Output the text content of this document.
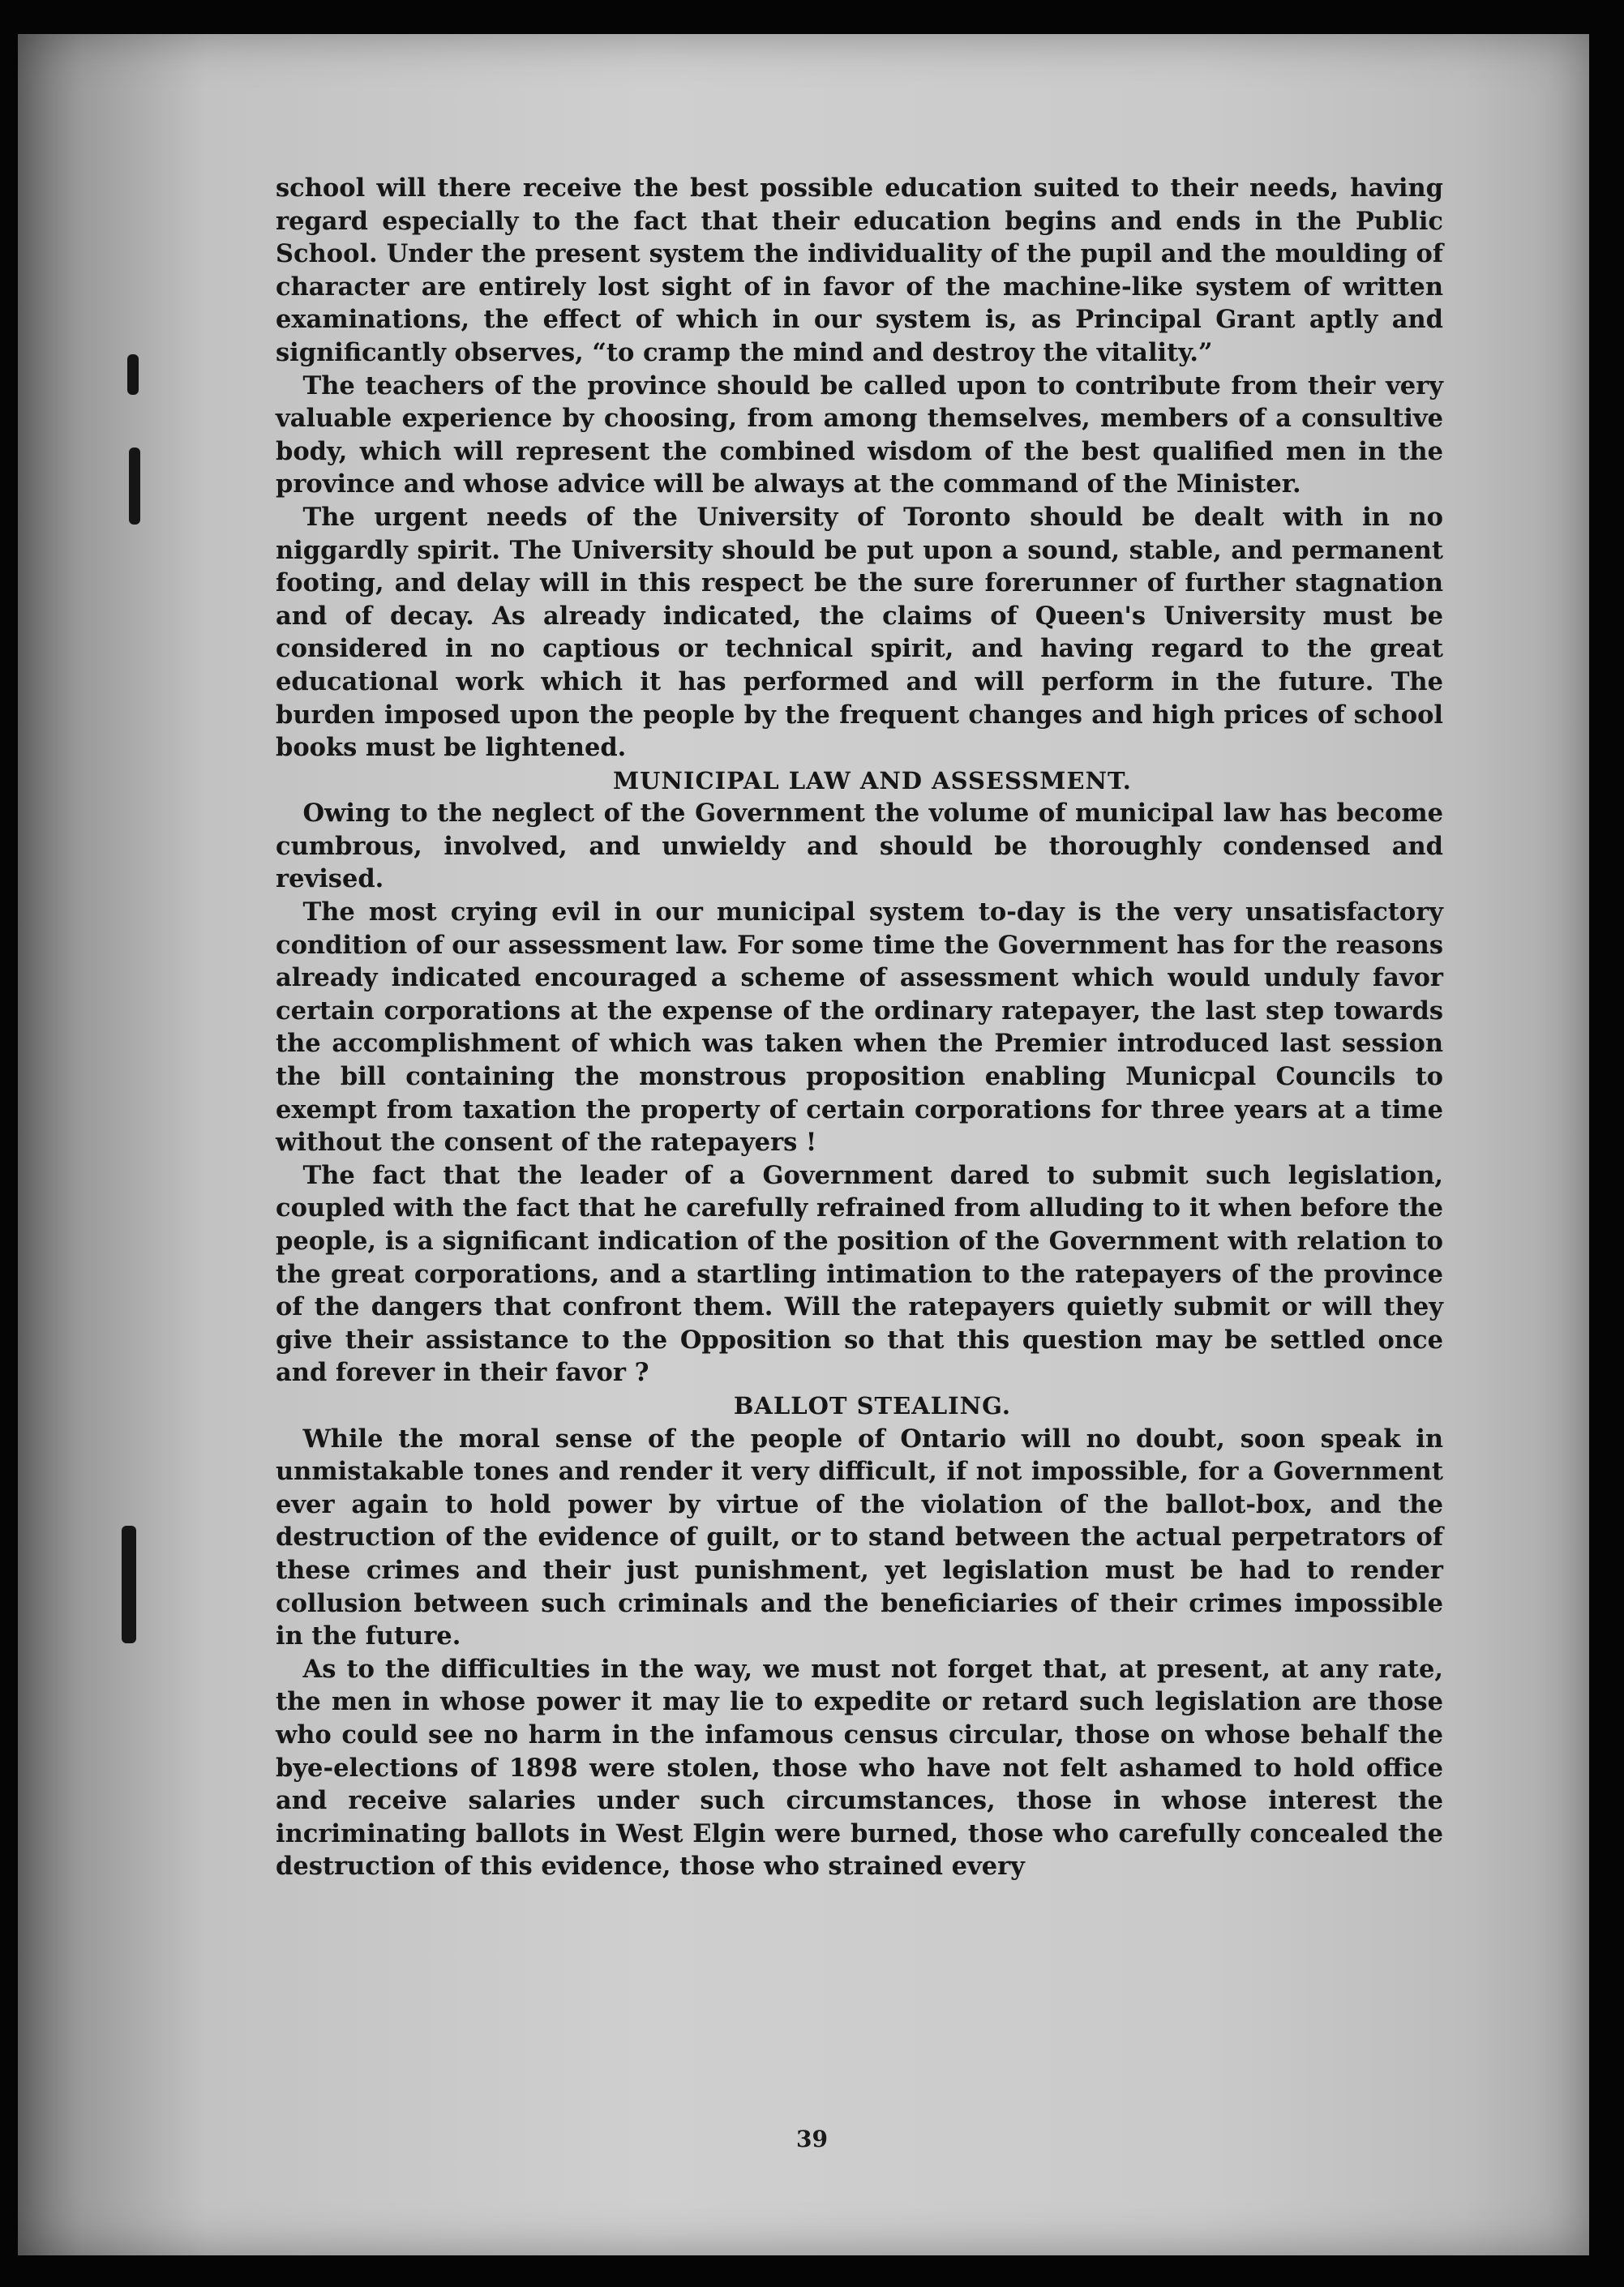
school will there receive the best possible education suited to their needs, having regard especially to the fact that their education begins and ends in the Public School. Under the present system the individuality of the pupil and the moulding of character are entirely lost sight of in favor of the machine-like system of written examinations, the effect of which in our system is, as Principal Grant aptly and significantly observes, “to cramp the mind and destroy the vitality.”

The teachers of the province should be called upon to contribute from their very valuable experience by choosing, from among themselves, members of a consultive body, which will represent the combined wisdom of the best qualified men in the province and whose advice will be always at the command of the Minister.

The urgent needs of the University of Toronto should be dealt with in no niggardly spirit. The University should be put upon a sound, stable, and permanent footing, and delay will in this respect be the sure forerunner of further stagnation and of decay. As already indicated, the claims of Queen's University must be considered in no captious or technical spirit, and having regard to the great educational work which it has performed and will perform in the future. The burden imposed upon the people by the frequent changes and high prices of school books must be lightened.

MUNICIPAL LAW AND ASSESSMENT.

Owing to the neglect of the Government the volume of municipal law has become cumbrous, involved, and unwieldy and should be thoroughly condensed and revised.

The most crying evil in our municipal system to-day is the very unsatisfactory condition of our assessment law. For some time the Government has for the reasons already indicated encouraged a scheme of assessment which would unduly favor certain corporations at the expense of the ordinary ratepayer, the last step towards the accomplishment of which was taken when the Premier introduced last session the bill containing the monstrous proposition enabling Municpal Councils to exempt from taxation the property of certain corporations for three years at a time without the consent of the ratepayers !

The fact that the leader of a Government dared to submit such legislation, coupled with the fact that he carefully refrained from alluding to it when before the people, is a significant indication of the position of the Government with relation to the great corporations, and a startling intimation to the ratepayers of the province of the dangers that confront them. Will the ratepayers quietly submit or will they give their assistance to the Opposition so that this question may be settled once and forever in their favor ?

BALLOT STEALING.

While the moral sense of the people of Ontario will no doubt, soon speak in unmistakable tones and render it very difficult, if not impossible, for a Government ever again to hold power by virtue of the violation of the ballot-box, and the destruction of the evidence of guilt, or to stand between the actual perpetrators of these crimes and their just punishment, yet legislation must be had to render collusion between such criminals and the beneficiaries of their crimes impossible in the future.

As to the difficulties in the way, we must not forget that, at present, at any rate, the men in whose power it may lie to expedite or retard such legislation are those who could see no harm in the infamous census circular, those on whose behalf the bye-elections of 1898 were stolen, those who have not felt ashamed to hold office and receive salaries under such circumstances, those in whose interest the incriminating ballots in West Elgin were burned, those who carefully concealed the destruction of this evidence, those who strained every

39
